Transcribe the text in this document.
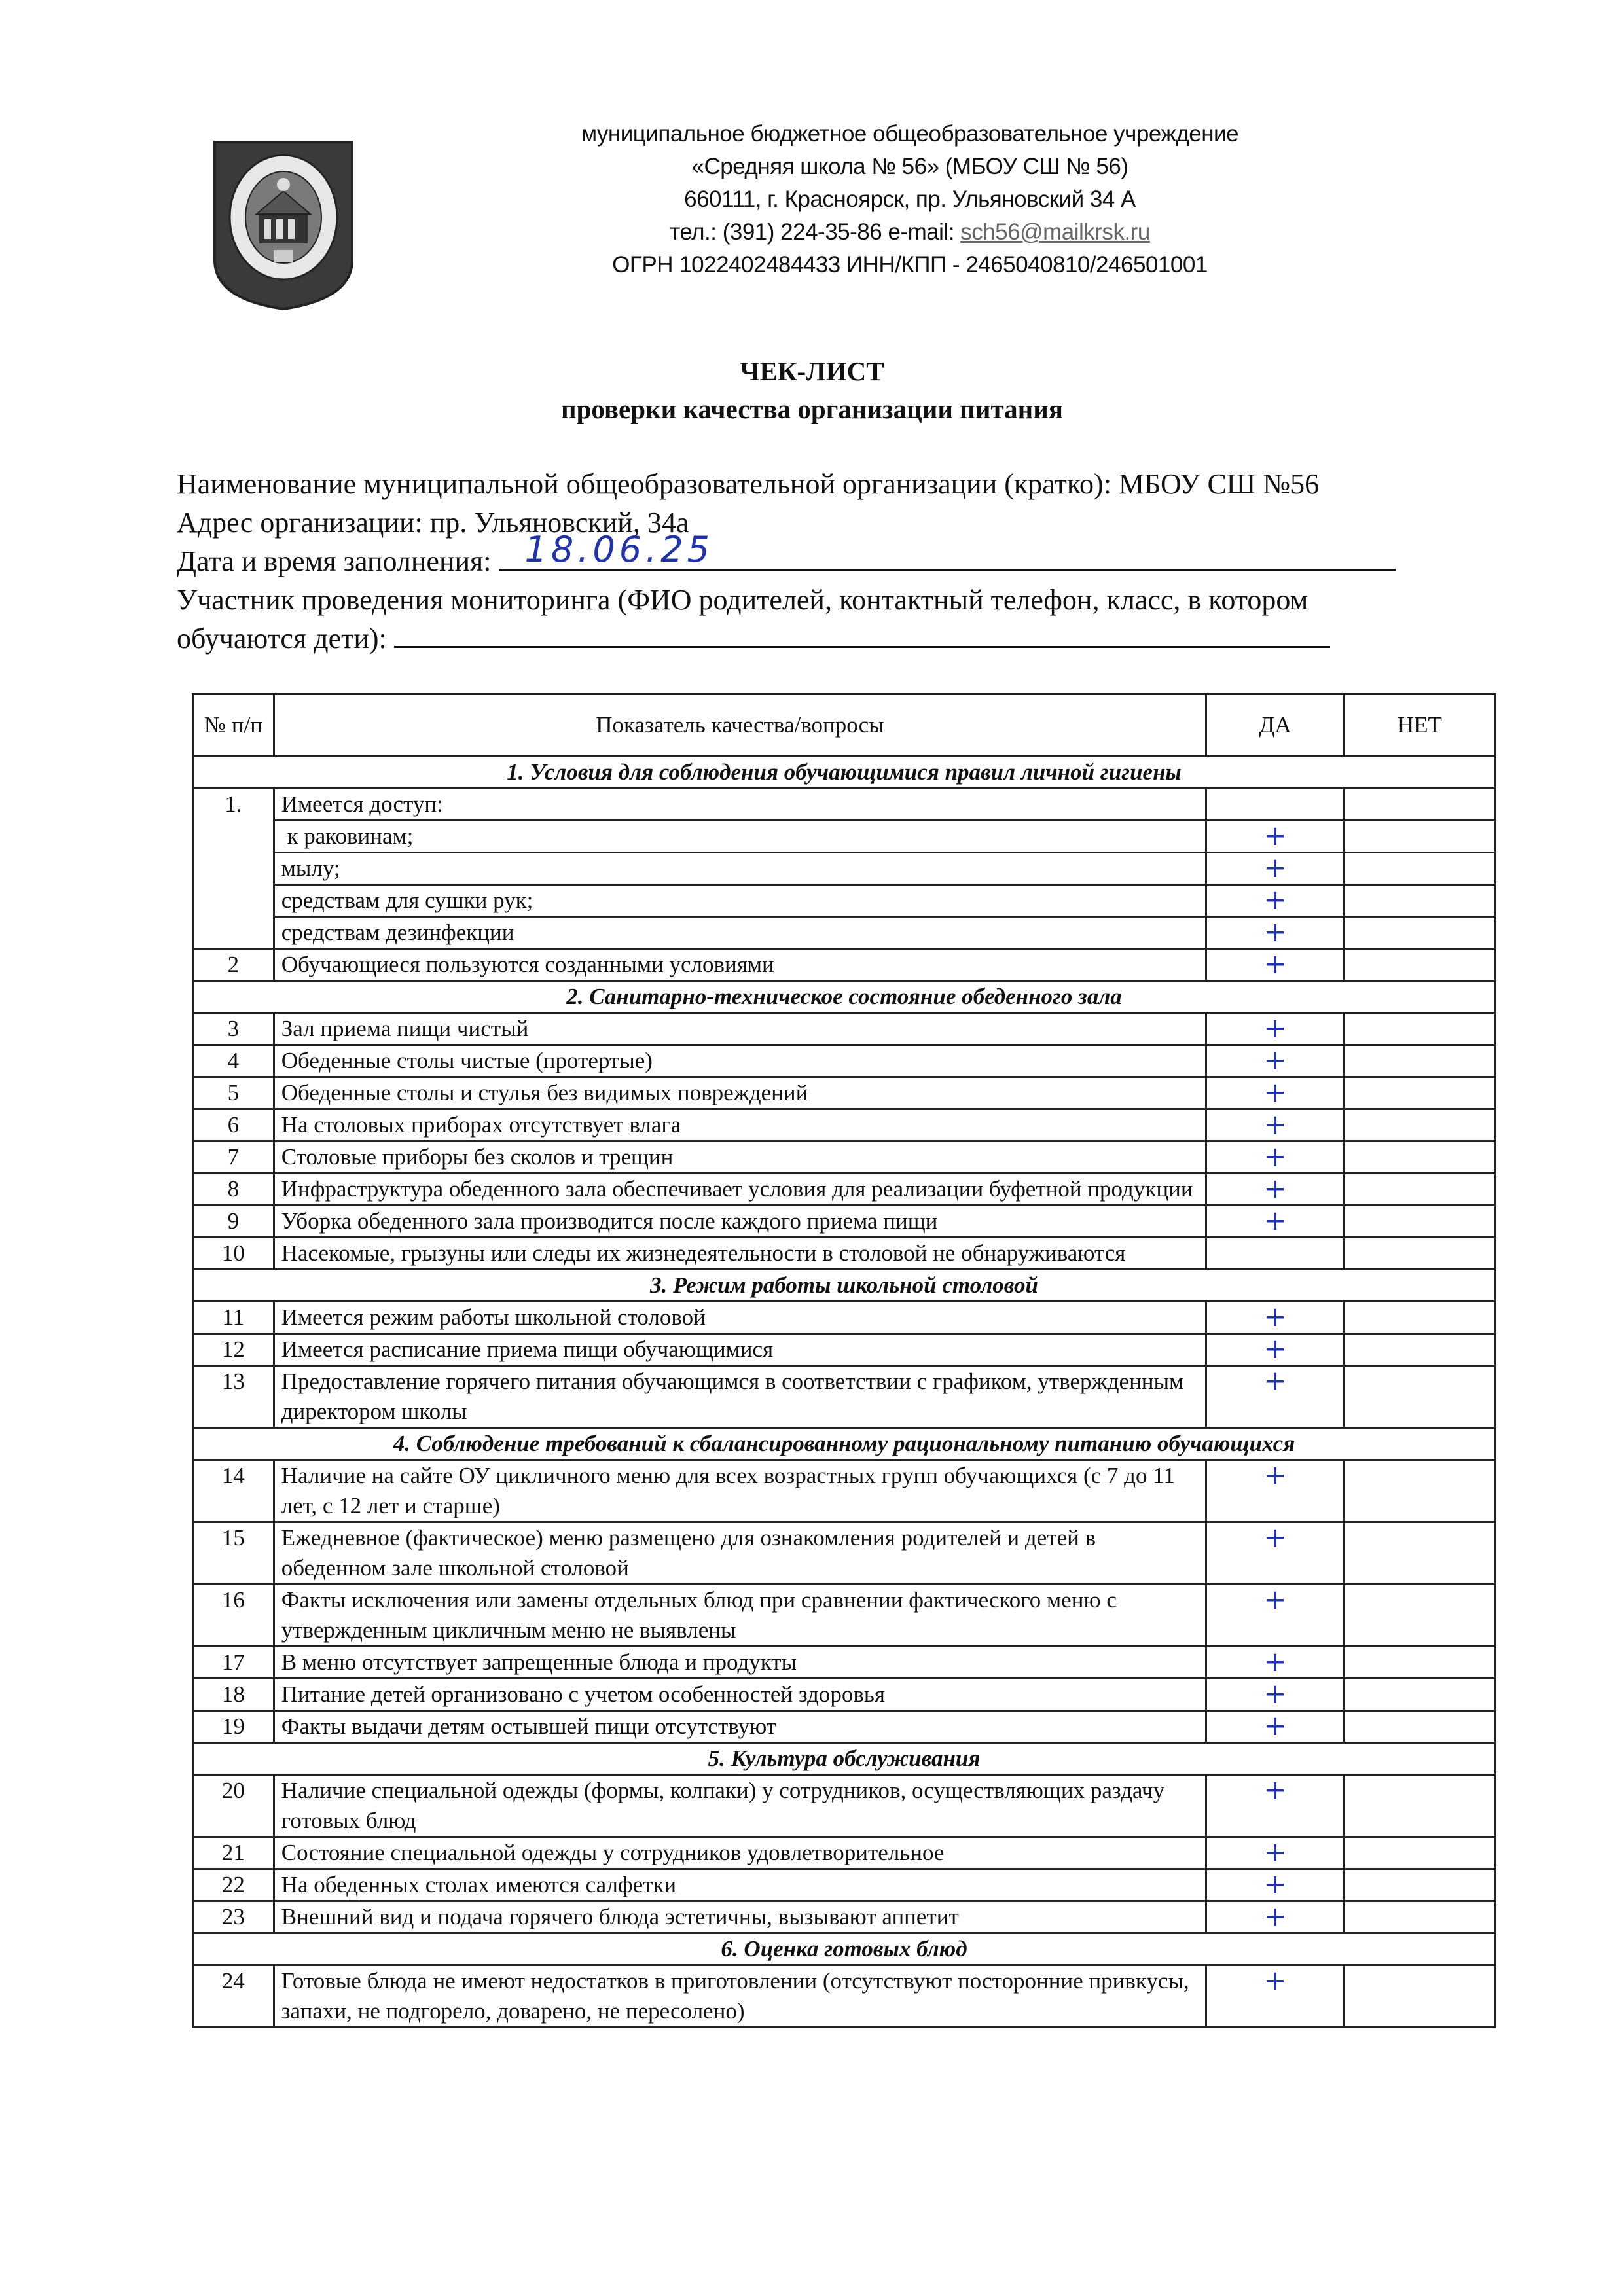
муниципальное бюджетное общеобразовательное учреждение
«Средняя школа № 56» (МБОУ СШ № 56)
660111, г. Красноярск, пр. Ульяновский 34 А
тел.: (391) 224-35-86 e-mail: sch56@mailkrsk.ru
ОГРН 1022402484433 ИНН/КПП - 2465040810/246501001
ЧЕК-ЛИСТ
проверки качества организации питания
Наименование муниципальной общеобразовательной организации (кратко): МБОУ СШ №56
Адрес организации: пр. Ульяновский, 34а
Дата и время заполнения: 18.06.25
Участник проведения мониторинга (ФИО родителей, контактный телефон, класс, в котором
обучаются дети):
№ п/п	Показатель качества/вопросы	ДА	НЕТ
1. Условия для соблюдения обучающимися правил личной гигиены			
1.	Имеется доступ:		
	к раковинам;	+	
	мылу;	+	
	средствам для сушки рук;	+	
	средствам дезинфекции	+	
2	Обучающиеся пользуются созданными условиями	+	
2. Санитарно-техническое состояние обеденного зала			
3	Зал приема пищи чистый	+	
4	Обеденные столы чистые (протертые)	+	
5	Обеденные столы и стулья без видимых повреждений	+	
6	На столовых приборах отсутствует влага	+	
7	Столовые приборы без сколов и трещин	+	
8	Инфраструктура обеденного зала обеспечивает условия для реализации буфетной продукции	+	
9	Уборка обеденного зала производится после каждого приема пищи	+	
10	Насекомые, грызуны или следы их жизнедеятельности в столовой не обнаруживаются		
3. Режим работы школьной столовой			
11	Имеется режим работы школьной столовой	+	
12	Имеется расписание приема пищи обучающимися	+	
13	Предоставление горячего питания обучающимся в соответствии с графиком, утвержденным директором школы	+	
4. Соблюдение требований к сбалансированному рациональному питанию обучающихся			
14	Наличие на сайте ОУ цикличного меню для всех возрастных групп обучающихся (с 7 до 11 лет, с 12 лет и старше)	+	
15	Ежедневное (фактическое) меню размещено для ознакомления родителей и детей в обеденном зале школьной столовой	+	
16	Факты исключения или замены отдельных блюд при сравнении фактического меню с утвержденным цикличным меню не выявлены	+	
17	В меню отсутствует запрещенные блюда и продукты	+	
18	Питание детей организовано с учетом особенностей здоровья	+	
19	Факты выдачи детям остывшей пищи отсутствуют	+	
5. Культура обслуживания			
20	Наличие специальной одежды (формы, колпаки) у сотрудников, осуществляющих раздачу готовых блюд	+	
21	Состояние специальной одежды у сотрудников удовлетворительное	+	
22	На обеденных столах имеются салфетки	+	
23	Внешний вид и подача горячего блюда эстетичны, вызывают аппетит	+	
6. Оценка готовых блюд			
24	Готовые блюда не имеют недостатков в приготовлении (отсутствуют посторонние привкусы, запахи, не подгорело, доварено, не пересолено)	+	
